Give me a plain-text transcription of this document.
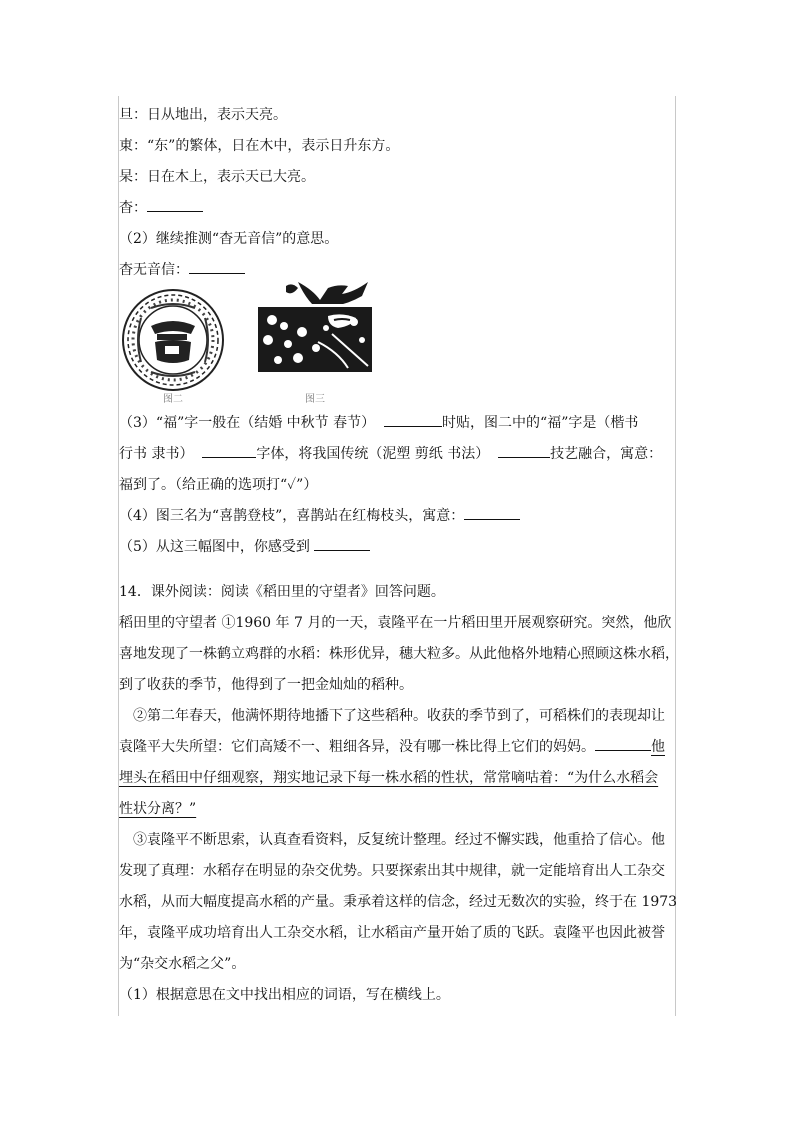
旦：日从地出，表示天亮。
東：“东”的繁体，日在木中，表示日升东方。
杲：日在木上，表示天已大亮。
杳：
（2）继续推测“杳无音信”的意思。
杳无音信：
图二	图三
（3）“福”字一般在（结婚 中秋节 春节）	时贴，图二中的“福”字是（楷书
行书 隶书）	字体，将我国传统（泥塑 剪纸 书法）	技艺融合，寓意：
福到了。（给正确的选项打“✓”）
（4）图三名为“喜鹊登枝”，喜鹊站在红梅枝头，寓意：
（5）从这三幅图中，你感受到
14．课外阅读：阅读《稻田里的守望者》回答问题。
稻田里的守望者 ①1960 年 7 月的一天，袁隆平在一片稻田里开展观察研究。突然，他欣
喜地发现了一株鹤立鸡群的水稻：株形优异，穗大粒多。从此他格外地精心照顾这株水稻，
到了收获的季节，他得到了一把金灿灿的稻种。
②第二年春天，他满怀期待地播下了这些稻种。收获的季节到了，可稻株们的表现却让
袁隆平大失所望：它们高矮不一、粗细各异，没有哪一株比得上它们的妈妈。	他
埋头在稻田中仔细观察，翔实地记录下每一株水稻的性状，常常嘀咕着：“为什么水稻会
性状分离？”
③袁隆平不断思索，认真查看资料，反复统计整理。经过不懈实践，他重拾了信心。他
发现了真理：水稻存在明显的杂交优势。只要探索出其中规律，就一定能培育出人工杂交
水稻，从而大幅度提高水稻的产量。秉承着这样的信念，经过无数次的实验，终于在 1973
年，袁隆平成功培育出人工杂交水稻，让水稻亩产量开始了质的飞跃。袁隆平也因此被誉
为“杂交水稻之父”。
（1）根据意思在文中找出相应的词语，写在横线上。
